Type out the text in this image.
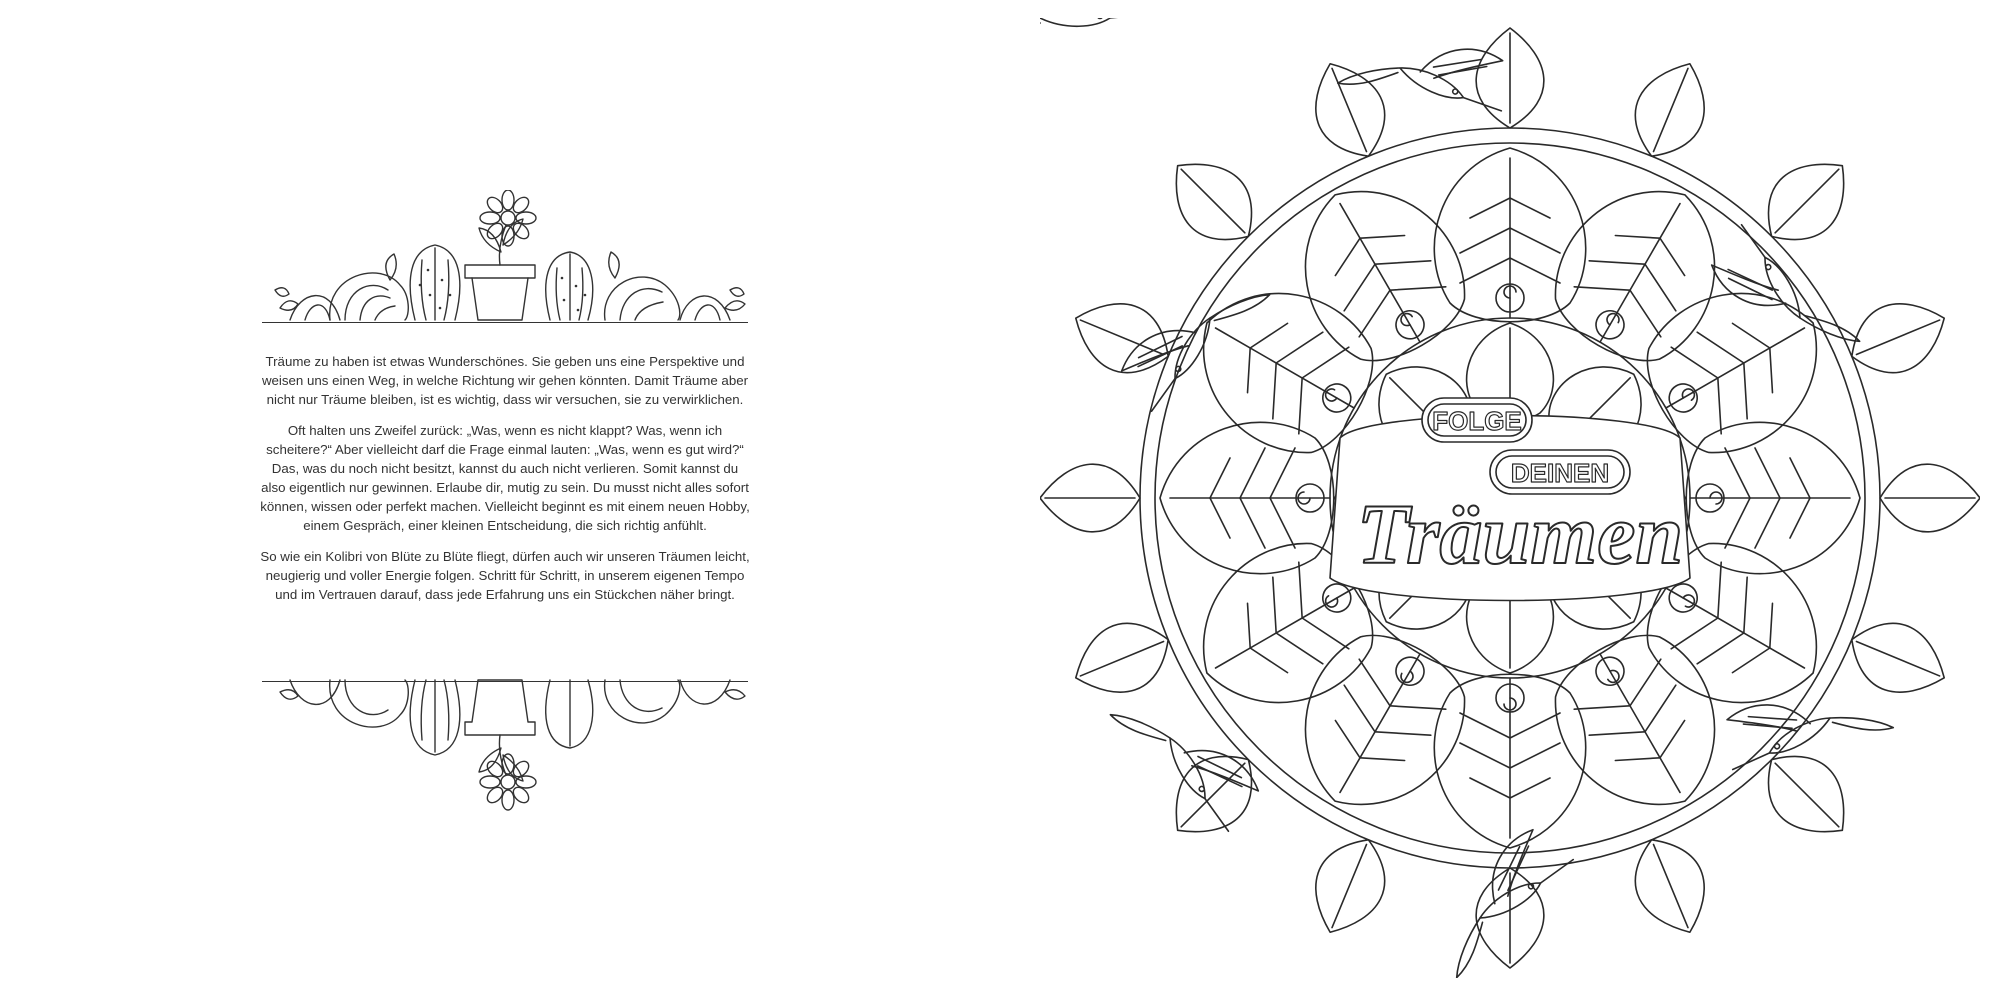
Träume zu haben ist etwas Wunderschönes. Sie geben uns eine Perspektive und weisen uns einen Weg, in welche Richtung wir gehen könnten. Damit Träume aber nicht nur Träume bleiben, ist es wichtig, dass wir versuchen, sie zu verwirklichen.

Oft halten uns Zweifel zurück: „Was, wenn es nicht klappt? Was, wenn ich scheitere?“ Aber vielleicht darf die Frage einmal lauten: „Was, wenn es gut wird?“ Das, was du noch nicht besitzt, kannst du auch nicht verlieren. Somit kannst du also eigentlich nur gewinnen. Erlaube dir, mutig zu sein. Du musst nicht alles sofort können, wissen oder perfekt machen. Vielleicht beginnt es mit einem neuen Hobby, einem Gespräch, einer kleinen Entscheidung, die sich richtig anfühlt.

So wie ein Kolibri von Blüte zu Blüte fliegt, dürfen auch wir unseren Träumen leicht, neugierig und voller Energie folgen. Schritt für Schritt, in unserem eigenen Tempo und im Vertrauen darauf, dass jede Erfahrung uns ein Stückchen näher bringt.

FOLGE
DEINEN
Träumen
